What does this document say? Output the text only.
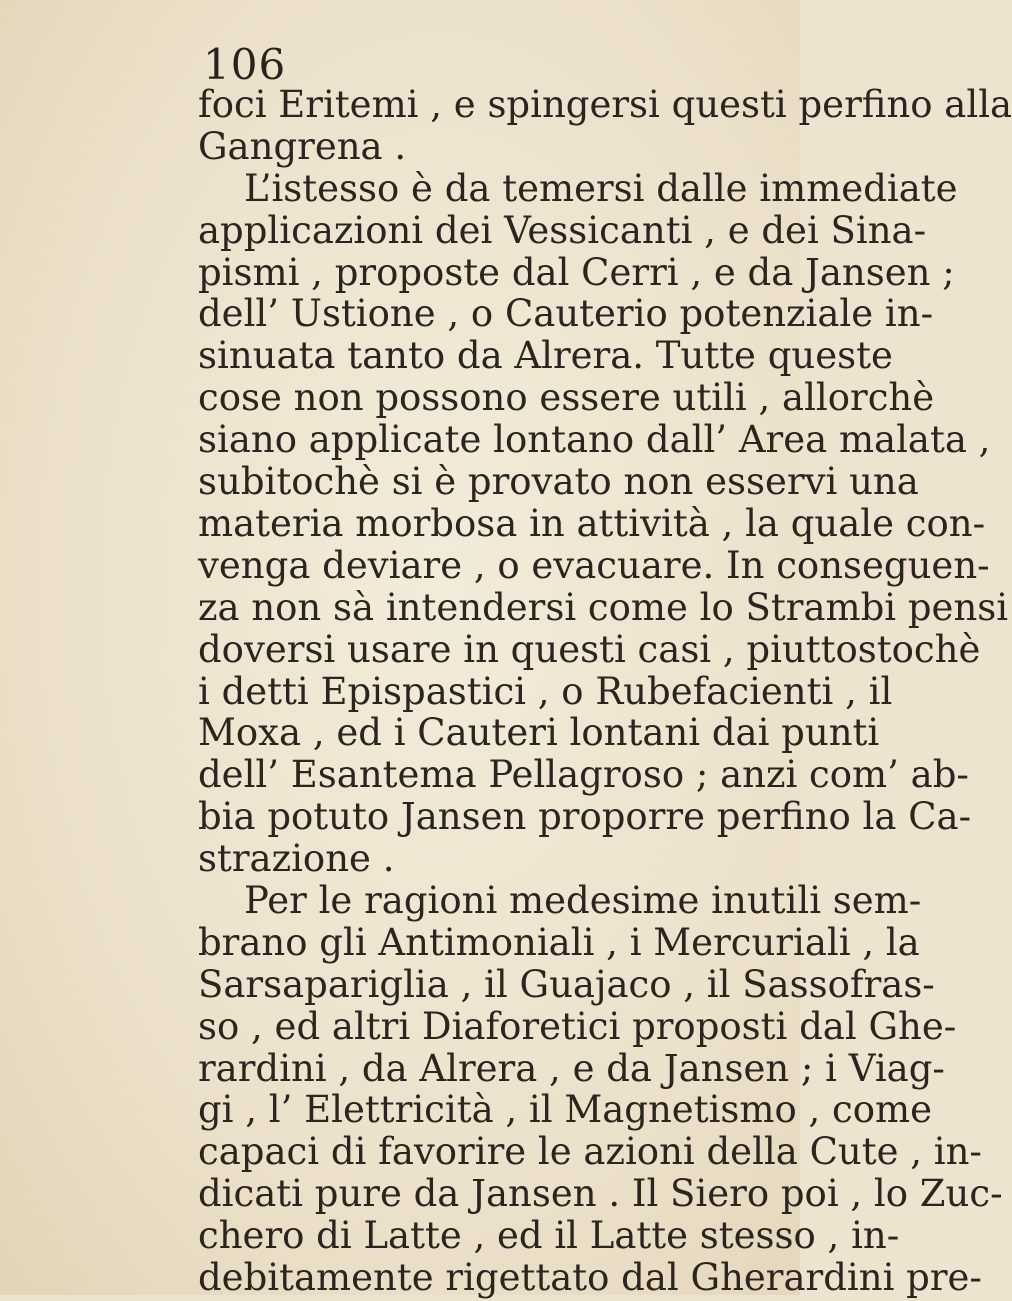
106
foci Eritemi , e spingersi questi perfino alla
Gangrena .
L’istesso è da temersi dalle immediate
applicazioni dei Vessicanti , e dei Sina-
pismi , proposte dal Cerri , e da Jansen ;
dell’ Ustione , o Cauterio potenziale in-
sinuata tanto da Alrera. Tutte queste
cose non possono essere utili , allorchè
siano applicate lontano dall’ Area malata ,
subitochè si è provato non esservi una
materia morbosa in attività , la quale con-
venga deviare , o evacuare. In conseguen-
za non sà intendersi come lo Strambi pensi
doversi usare in questi casi , piuttostochè
i detti Epispastici , o Rubefacienti , il
Moxa , ed i Cauteri lontani dai punti
dell’ Esantema Pellagroso ; anzi com’ ab-
bia potuto Jansen proporre perfino la Ca-
strazione .
Per le ragioni medesime inutili sem-
brano gli Antimoniali , i Mercuriali , la
Sarsapariglia , il Guajaco , il Sassofras-
so , ed altri Diaforetici proposti dal Ghe-
rardini , da Alrera , e da Jansen ; i Viag-
gi , l’ Elettricità , il Magnetismo , come
capaci di favorire le azioni della Cute , in-
dicati pure da Jansen . Il Siero poi , lo Zuc-
chero di Latte , ed il Latte stesso , in-
debitamente rigettato dal Gherardini pre-
